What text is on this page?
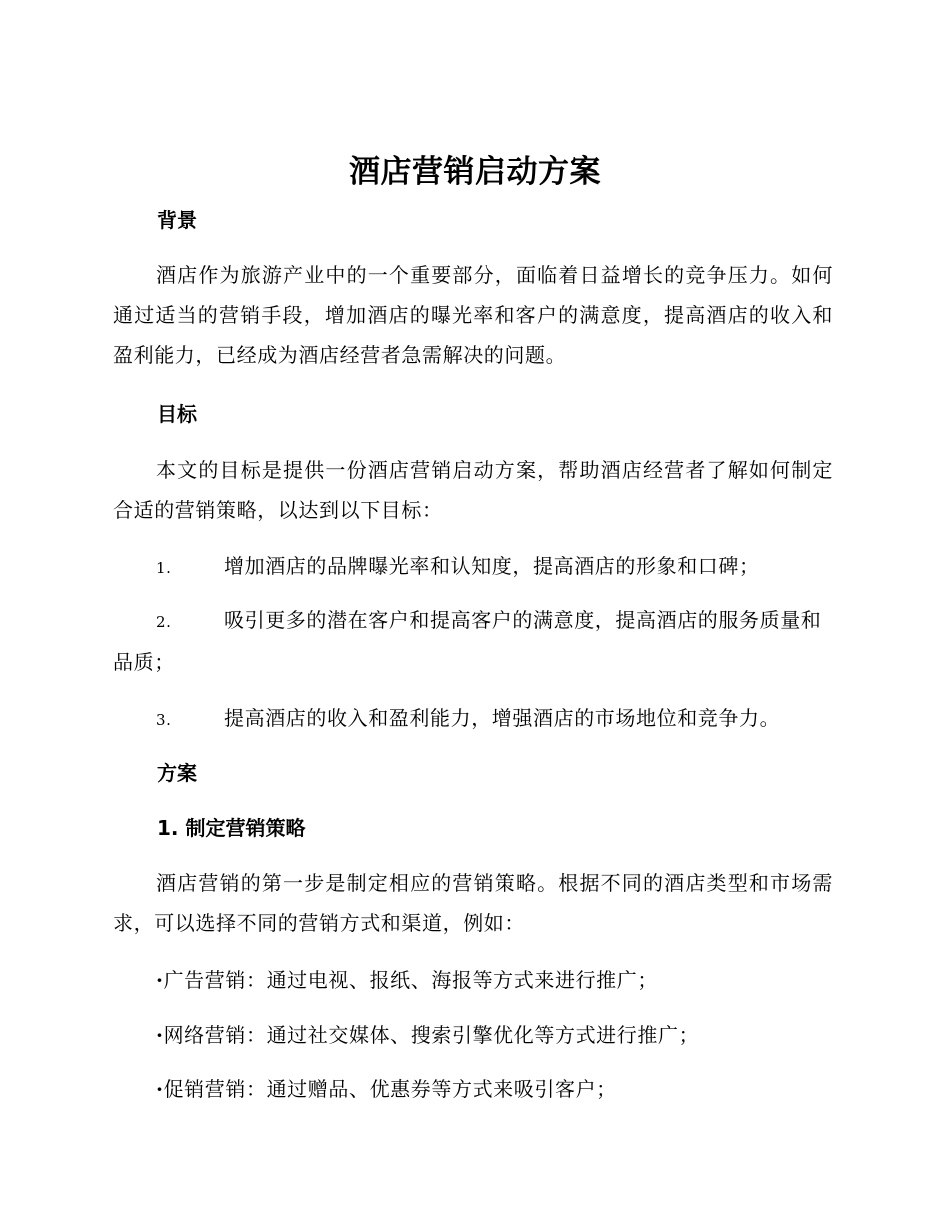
酒店营销启动方案
背景
酒店作为旅游产业中的一个重要部分，面临着日益增长的竞争压力。如何通过适当的营销手段，增加酒店的曝光率和客户的满意度，提高酒店的收入和盈利能力，已经成为酒店经营者急需解决的问题。
目标
本文的目标是提供一份酒店营销启动方案，帮助酒店经营者了解如何制定合适的营销策略，以达到以下目标：
1.	增加酒店的品牌曝光率和认知度，提高酒店的形象和口碑；
2.	吸引更多的潜在客户和提高客户的满意度，提高酒店的服务质量和品质；
3.	提高酒店的收入和盈利能力，增强酒店的市场地位和竞争力。
方案
1. 制定营销策略
酒店营销的第一步是制定相应的营销策略。根据不同的酒店类型和市场需求，可以选择不同的营销方式和渠道，例如：
·广告营销：通过电视、报纸、海报等方式来进行推广；
·网络营销：通过社交媒体、搜索引擎优化等方式进行推广；
·促销营销：通过赠品、优惠券等方式来吸引客户；
